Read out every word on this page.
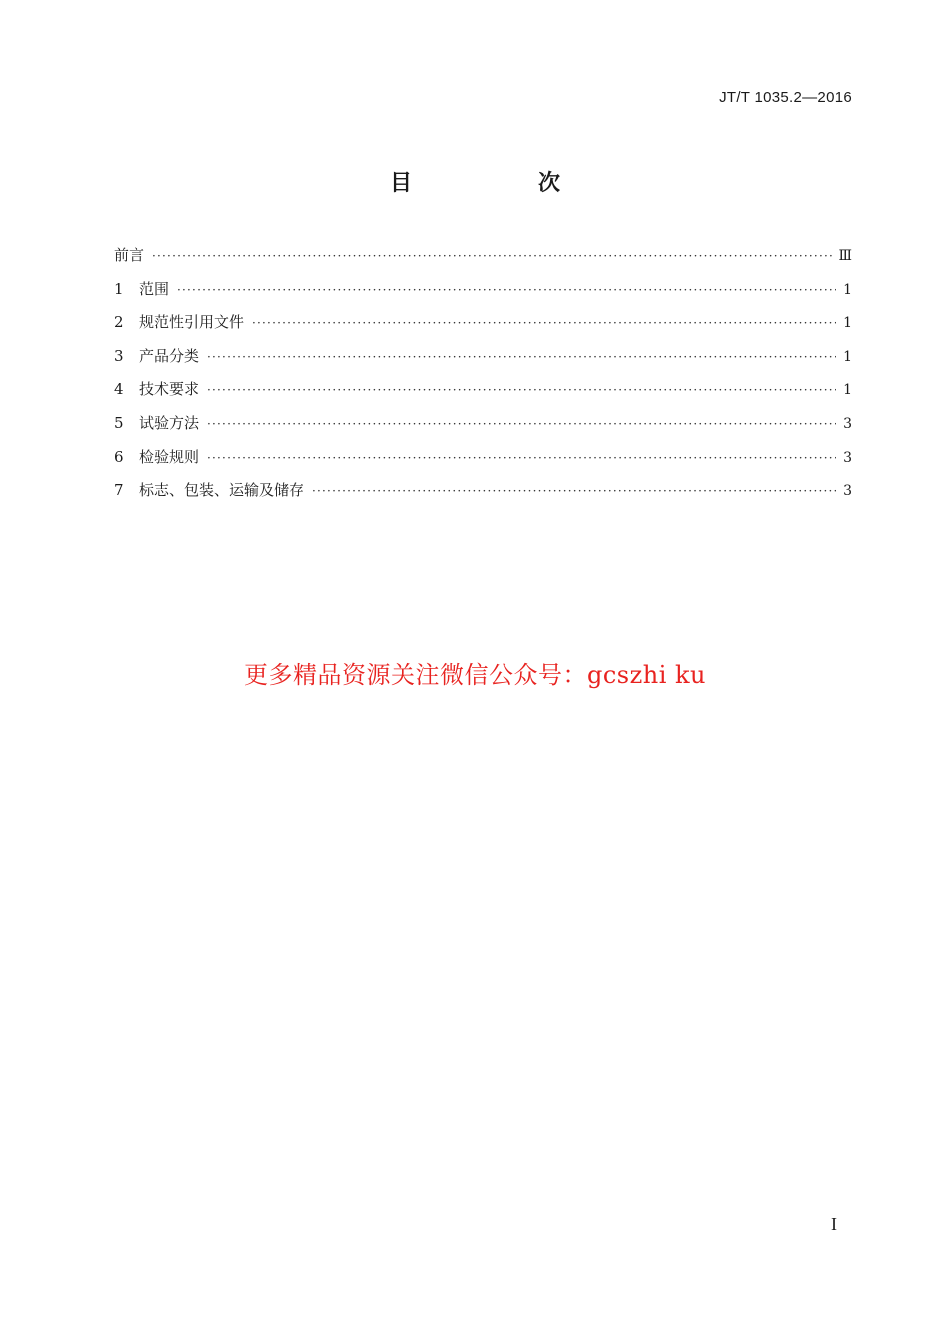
JT/T 1035.2—2016
目　次
前言 ·····	Ⅲ
1	范围 ·····	1
2	规范性引用文件 ·····	1
3	产品分类 ·····	1
4	技术要求 ·····	1
5	试验方法 ·····	3
6	检验规则 ·····	3
7	标志、包装、运输及储存 ·····	3
更多精品资源关注微信公众号：gcszhi ku
I
